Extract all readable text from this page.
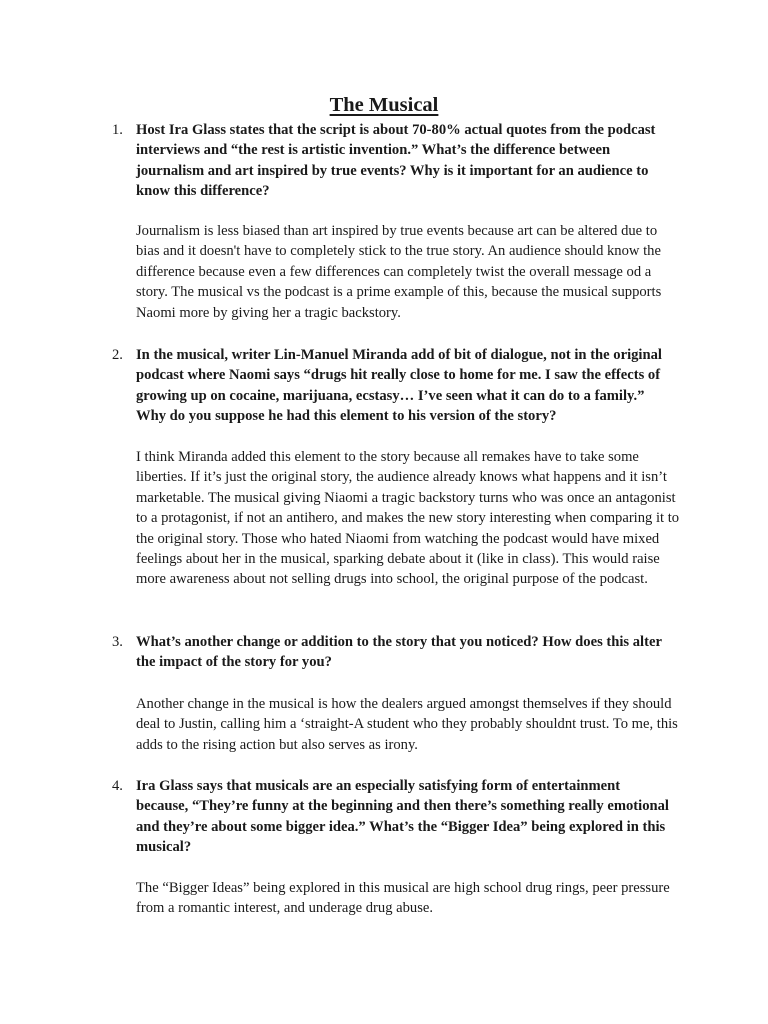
The Musical
1. Host Ira Glass states that the script is about 70-80% actual quotes from the podcast interviews and “the rest is artistic invention.” What’s the difference between journalism and art inspired by true events? Why is it important for an audience to know this difference?

Journalism is less biased than art inspired by true events because art can be altered due to bias and it doesn't have to completely stick to the true story. An audience should know the difference because even a few differences can completely twist the overall message od a story. The musical vs the podcast is a prime example of this, because the musical supports Naomi more by giving her a tragic backstory.

2. In the musical, writer Lin-Manuel Miranda add of bit of dialogue, not in the original podcast where Naomi says “drugs hit really close to home for me. I saw the effects of growing up on cocaine, marijuana, ecstasy… I’ve seen what it can do to a family.” Why do you suppose he had this element to his version of the story?

I think Miranda added this element to the story because all remakes have to take some liberties. If it’s just the original story, the audience already knows what happens and it isn’t marketable. The musical giving Niaomi a tragic backstory turns who was once an antagonist to a protagonist, if not an antihero, and makes the new story interesting when comparing it to the original story. Those who hated Niaomi from watching the podcast would have mixed feelings about her in the musical, sparking debate about it (like in class). This would raise more awareness about not selling drugs into school, the original purpose of the podcast.

3. What’s another change or addition to the story that you noticed? How does this alter the impact of the story for you?

Another change in the musical is how the dealers argued amongst themselves if they should deal to Justin, calling him a ‘straight-A student who they probably shouldnt trust. To me, this adds to the rising action but also serves as irony.

4. Ira Glass says that musicals are an especially satisfying form of entertainment because, “They’re funny at the beginning and then there’s something really emotional and they’re about some bigger idea.” What’s the “Bigger Idea” being explored in this musical?

The “Bigger Ideas” being explored in this musical are high school drug rings, peer pressure from a romantic interest, and underage drug abuse.
